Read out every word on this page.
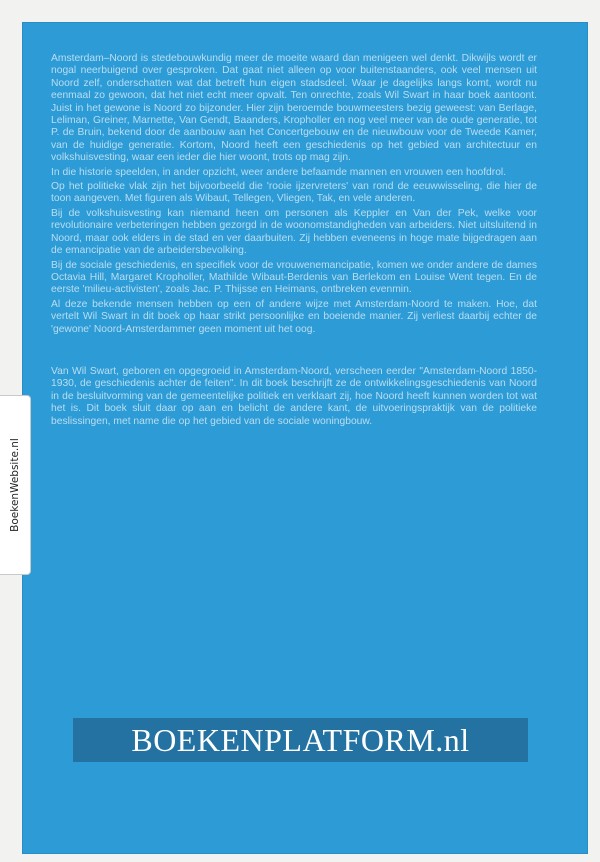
Amsterdam–Noord is stedebouwkundig meer de moeite waard dan menigeen wel denkt. Dikwijls wordt er nogal neerbuigend over gesproken. Dat gaat niet alleen op voor buitenstaanders, ook veel mensen uit Noord zelf, onderschatten wat dat betreft hun eigen stadsdeel. Waar je dagelijks langs komt, wordt nu eenmaal zo gewoon, dat het niet echt meer opvalt. Ten onrechte, zoals Wil Swart in haar boek aantoont. Juist in het gewone is Noord zo bijzonder. Hier zijn beroemde bouwmeesters bezig geweest: van Berlage, Leliman, Greiner, Marnette, Van Gendt, Baanders, Kropholler en nog veel meer van de oude generatie, tot P. de Bruin, bekend door de aanbouw aan het Concertgebouw en de nieuwbouw voor de Tweede Kamer, van de huidige generatie. Kortom, Noord heeft een geschiedenis op het gebied van architectuur en volkshuisvesting, waar een ieder die hier woont, trots op mag zijn.

In die historie speelden, in ander opzicht, weer andere befaamde mannen en vrouwen een hoofdrol.

Op het politieke vlak zijn het bijvoorbeeld die 'rooie ijzervreters' van rond de eeuwwisseling, die hier de toon aangeven. Met figuren als Wibaut, Tellegen, Vliegen, Tak, en vele anderen.

Bij de volkshuisvesting kan niemand heen om personen als Keppler en Van der Pek, welke voor revolutionaire verbeteringen hebben gezorgd in de woonomstandigheden van arbeiders. Niet uitsluitend in Noord, maar ook elders in de stad en ver daarbuiten. Zij hebben eveneens in hoge mate bijgedragen aan de emancipatie van de arbeidersbevolking.

Bij de sociale geschiedenis, en specifiek voor de vrouwenemancipatie, komen we onder andere de dames Octavia Hill, Margaret Kropholler, Mathilde Wibaut-Berdenis van Berlekom en Louise Went tegen. En de eerste 'milieu-activisten', zoals Jac. P. Thijsse en Heimans, ontbreken evenmin.

Al deze bekende mensen hebben op een of andere wijze met Amsterdam-Noord te maken. Hoe, dat vertelt Wil Swart in dit boek op haar strikt persoonlijke en boeiende manier. Zij verliest daarbij echter de 'gewone' Noord-Amsterdammer geen moment uit het oog.

Van Wil Swart, geboren en opgegroeid in Amsterdam-Noord, verscheen eerder "Amsterdam-Noord 1850-1930, de geschiedenis achter de feiten". In dit boek beschrijft ze de ontwikkelingsgeschiedenis van Noord in de besluitvorming van de gemeentelijke politiek en verklaart zij, hoe Noord heeft kunnen worden tot wat het is. Dit boek sluit daar op aan en belicht de andere kant, de uitvoeringspraktijk van de politieke beslissingen, met name die op het gebied van de sociale woningbouw.

BoekenWebsite.nl
BOEKENPLATFORM.nl
